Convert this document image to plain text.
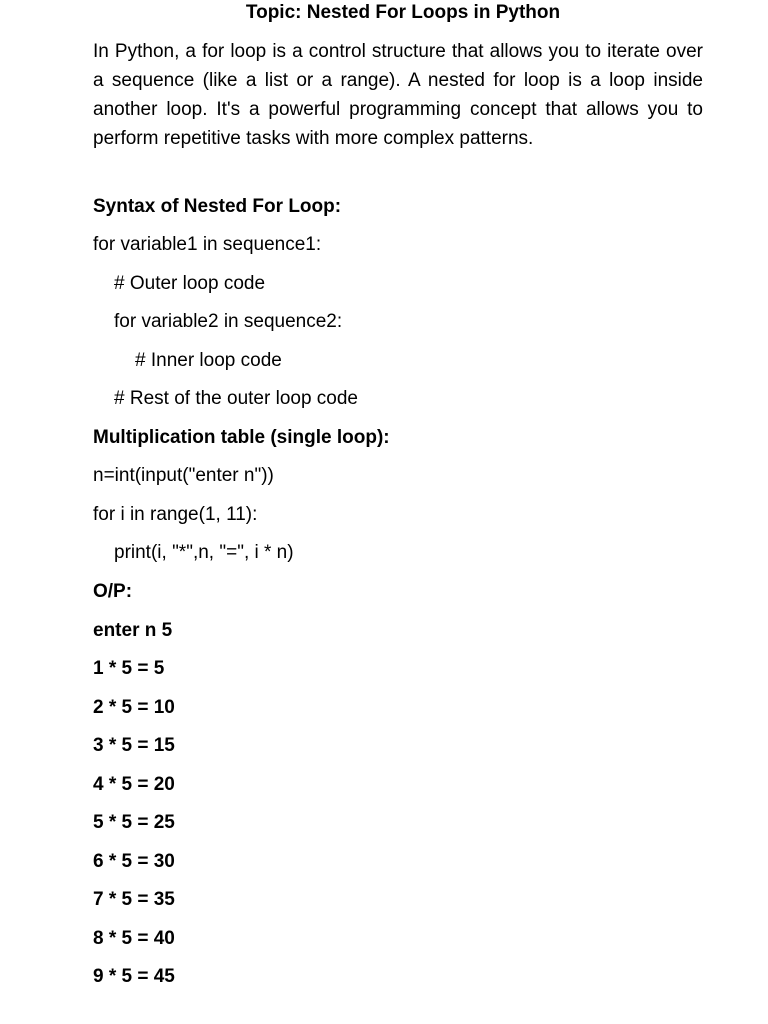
Topic: Nested For Loops in Python

In Python, a for loop is a control structure that allows you to iterate over a sequence (like a list or a range). A nested for loop is a loop inside another loop. It's a powerful programming concept that allows you to perform repetitive tasks with more complex patterns.

Syntax of Nested For Loop:

for variable1 in sequence1:

# Outer loop code

for variable2 in sequence2:

# Inner loop code

# Rest of the outer loop code

Multiplication table (single loop):

n=int(input("enter n"))

for i in range(1, 11):

print(i, "*",n, "=", i * n)

O/P:

enter n 5

1 * 5 = 5

2 * 5 = 10

3 * 5 = 15

4 * 5 = 20

5 * 5 = 25

6 * 5 = 30

7 * 5 = 35

8 * 5 = 40

9 * 5 = 45
